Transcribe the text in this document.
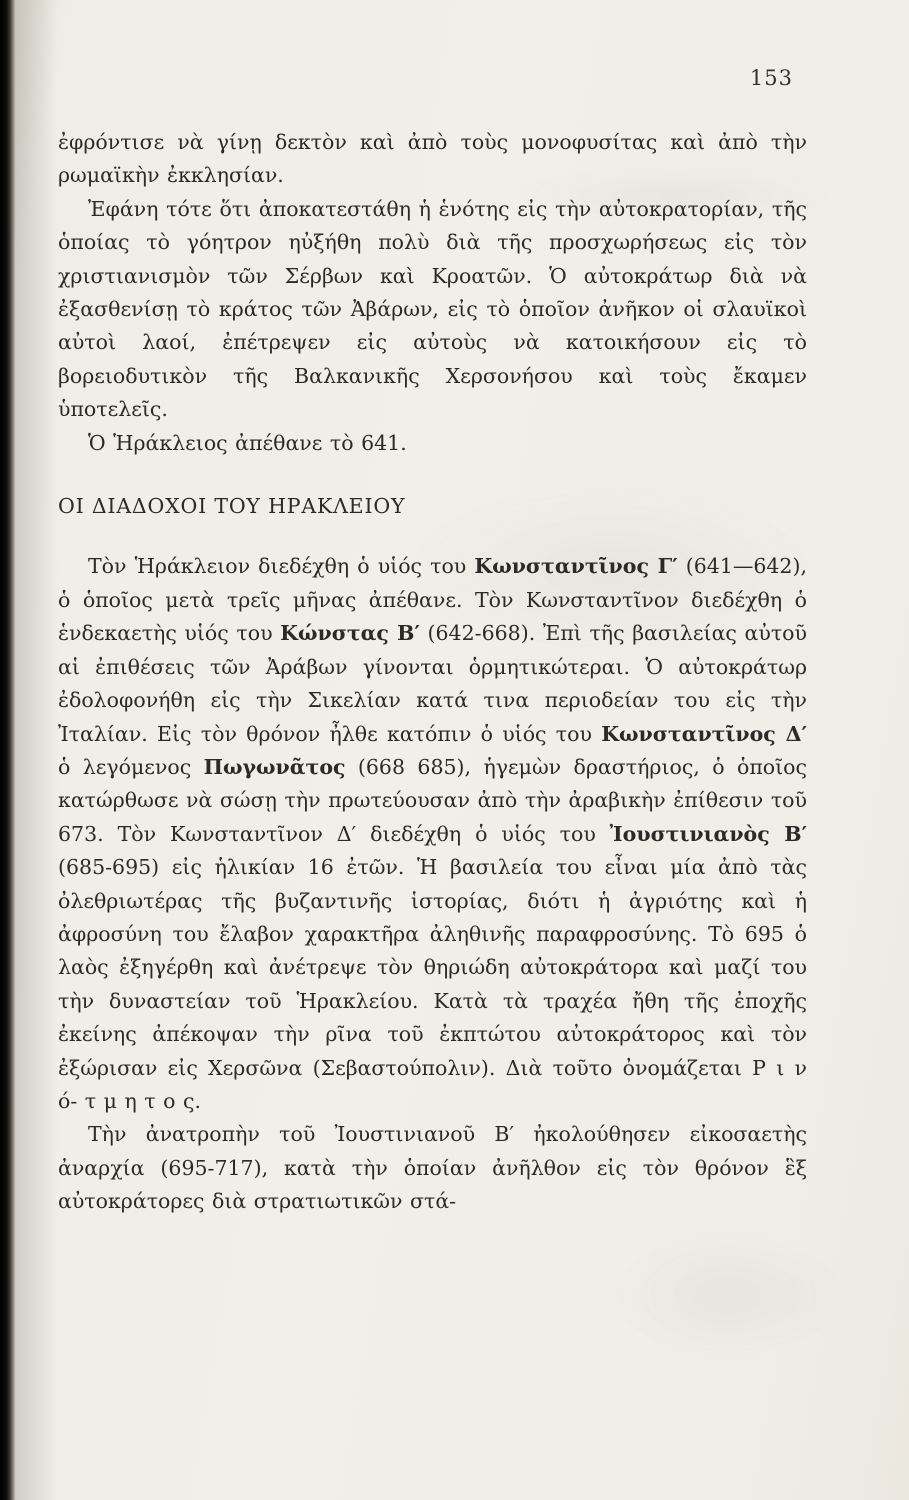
153

ἐφρόντισε νὰ γίνῃ δεκτὸν καὶ ἀπὸ τοὺς μονοφυσίτας καὶ ἀπὸ τὴν ρωμαϊκὴν ἐκκλησίαν.

Ἐφάνη τότε ὅτι ἀποκατεστάθη ἡ ἑνότης εἰς τὴν αὐτοκρατορίαν, τῆς ὁποίας τὸ γόητρον ηὐξήθη πολὺ διὰ τῆς προσχωρήσεως εἰς τὸν χριστιανισμὸν τῶν Σέρβων καὶ Κροατῶν. Ὁ αὐτοκράτωρ διὰ νὰ ἐξασθενίσῃ τὸ κράτος τῶν Ἀβάρων, εἰς τὸ ὁποῖον ἀνῆκον οἱ σλαυϊκοὶ αὐτοὶ λαοί, ἐπέτρεψεν εἰς αὐτοὺς νὰ κατοικήσουν εἰς τὸ βορειοδυτικὸν τῆς Βαλκανικῆς Χερσονήσου καὶ τοὺς ἔκαμεν ὑποτελεῖς.

Ὁ Ἡράκλειος ἀπέθανε τὸ 641.

ΟΙ ΔΙΑΔΟΧΟΙ ΤΟΥ ΗΡΑΚΛΕΙΟΥ

Τὸν Ἡράκλειον διεδέχθη ὁ υἱός του Κωνσταντῖνος Γ′ (641—642), ὁ ὁποῖος μετὰ τρεῖς μῆνας ἀπέθανε. Τὸν Κωνσταντῖνον διεδέχθη ὁ ἑνδεκαετὴς υἱός του Κώνστας Β′ (642-668). Ἐπὶ τῆς βασιλείας αὐτοῦ αἱ ἐπιθέσεις τῶν Ἀράβων γίνονται ὁρμητικώτεραι. Ὁ αὐτοκράτωρ ἐδολοφονήθη εἰς τὴν Σικελίαν κατά τινα περιοδείαν του εἰς τὴν Ἰταλίαν. Εἰς τὸν θρόνον ἦλθε κατόπιν ὁ υἱός του Κωνσταντῖνος Δ′ ὁ λεγόμενος Πωγωνᾶτος (668 685), ἡγεμὼν δραστήριος, ὁ ὁποῖος κατώρθωσε νὰ σώσῃ τὴν πρωτεύουσαν ἀπὸ τὴν ἀραβικὴν ἐπίθεσιν τοῦ 673. Τὸν Κωνσταντῖνον Δ′ διεδέχθη ὁ υἱός του Ἰουστινιανὸς Β′ (685-695) εἰς ἡλικίαν 16 ἐτῶν. Ἡ βασιλεία του εἶναι μία ἀπὸ τὰς ὀλεθριωτέρας τῆς βυζαντινῆς ἱστορίας, διότι ἡ ἀγριότης καὶ ἡ ἀφροσύνη του ἔλαβον χαρακτῆρα ἀληθινῆς παραφροσύνης. Τὸ 695 ὁ λαὸς ἐξηγέρθη καὶ ἀνέτρεψε τὸν θηριώδη αὐτοκράτορα καὶ μαζί του τὴν δυναστείαν τοῦ Ἡρακλείου. Κατὰ τὰ τραχέα ἤθη τῆς ἐποχῆς ἐκείνης ἀπέκοψαν τὴν ρῖνα τοῦ ἐκπτώτου αὐτοκράτορος καὶ τὸν ἐξώρισαν εἰς Χερσῶνα (Σεβαστούπολιν). Διὰ τοῦτο ὀνομάζεται Ρ ι ν ό- τ μ η τ ο ς.

Τὴν ἀνατροπὴν τοῦ Ἰουστινιανοῦ Β′ ἠκολούθησεν εἰκοσαετὴς ἀναρχία (695-717), κατὰ τὴν ὁποίαν ἀνῆλθον εἰς τὸν θρόνον ἓξ αὐτοκράτορες διὰ στρατιωτικῶν στά-
